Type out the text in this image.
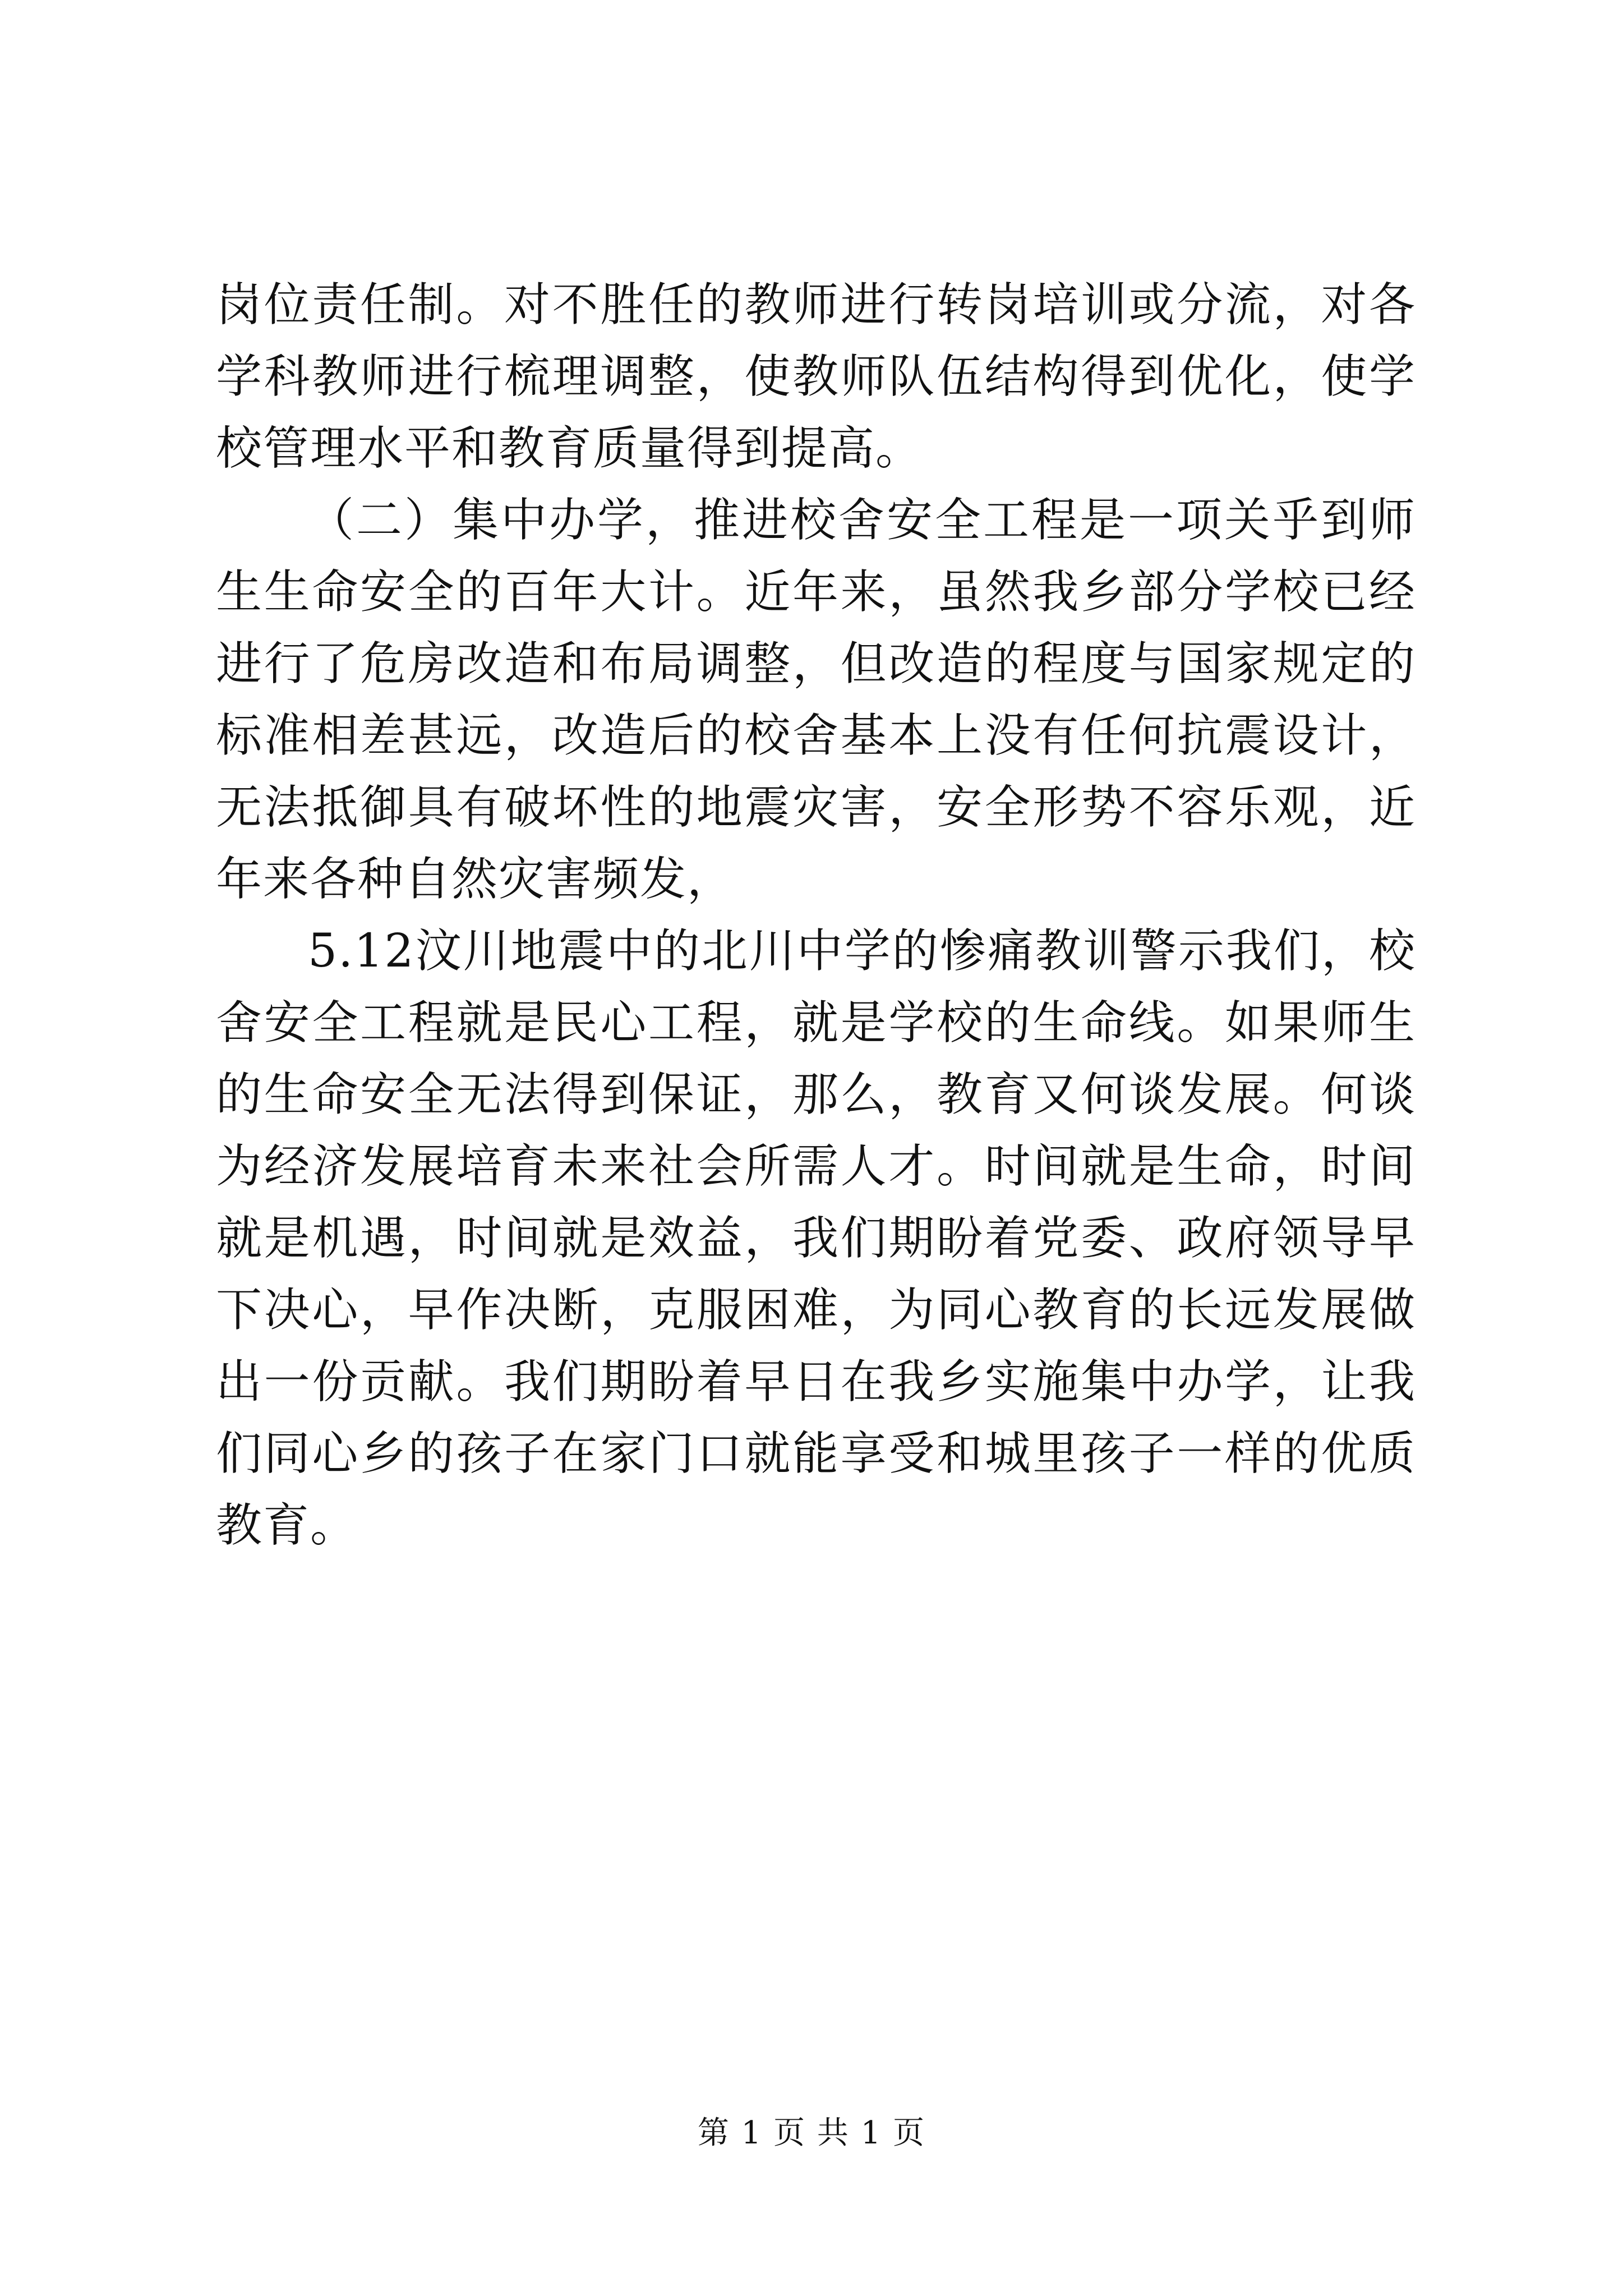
岗位责任制。对不胜任的教师进行转岗培训或分流，对各学科教师进行梳理调整，使教师队伍结构得到优化，使学校管理水平和教育质量得到提高。

（二）集中办学，推进校舍安全工程是一项关乎到师生生命安全的百年大计。近年来，虽然我乡部分学校已经进行了危房改造和布局调整，但改造的程度与国家规定的标准相差甚远，改造后的校舍基本上没有任何抗震设计，无法抵御具有破坏性的地震灾害，安全形势不容乐观，近年来各种自然灾害频发，

5.12汶川地震中的北川中学的惨痛教训警示我们，校舍安全工程就是民心工程，就是学校的生命线。如果师生的生命安全无法得到保证，那么，教育又何谈发展。何谈为经济发展培育未来社会所需人才。时间就是生命，时间就是机遇，时间就是效益，我们期盼着党委、政府领导早下决心，早作决断，克服困难，为同心教育的长远发展做出一份贡献。我们期盼着早日在我乡实施集中办学，让我们同心乡的孩子在家门口就能享受和城里孩子一样的优质教育。

第 1 页 共 1 页
